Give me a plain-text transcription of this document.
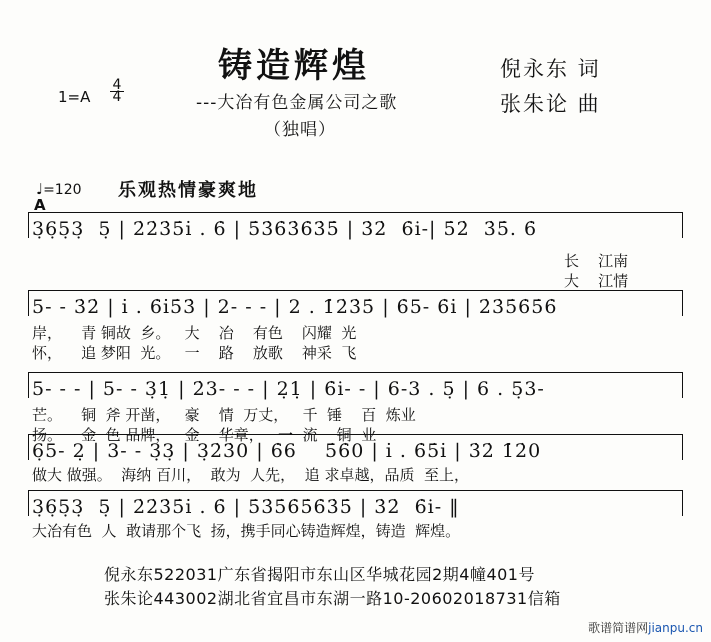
铸造辉煌
---大冶有色金属公司之歌
（独唱）
倪永东 词
张朱论 曲
$1=A \frac{4}{4}$
♩=120 乐观热情豪爽地
A
3̣6̣5̣3̣  5̣ | 2̇2̇3̇5̇i̇ . 6̇ | 5̇3̇6̇3̇6̇3̇5̇ | 3̇2̇  6̇i-| 5̇2̇  3̇5̇. 6̇
长    江南
大    江情
5- - 3̇2̇ | i̇ . 6̇i̇5̇3̇ | 2- - - | 2 . 1̇2̇3̇5̇ | 6̇5- 6̇i̇ | 2̇3̇5̇6̇5̇6̇
岸，    青 铜故  乡。   大    冶    有色    闪耀  光
怀，    追 梦阳  光。   一    路    放歌    神采  飞
5- - - | 5- - 3̣1̣ | 2̇3- - - | 2̣1̣ | 6̇i- - | 6-3 . 5̣ | 6 . 5̣3-
芒。    铜  斧 开凿，   豪    情  万丈，   千  锤    百  炼业
扬。    金  色 品牌，   金    华章，   一  流    铜  业
6̣5- 2̣ | 3- - 3̣3̣ | 3̣2̇3̇0 | 6̇6    5̇6̇0 | i̇ . 6̇5̇i̇ | 3̇2̇ 1̇2̇0
做大 做强。  海纳 百川，  敢为  人先，  追 求卓越，品质  至上，
3̣6̣5̣3̣  5̣ | 2̇2̇3̇5̇i̇ . 6̇ | 5̇3̇5̇6̇5̇6̇3̇5̇ | 3̇2̇  6̇i- ‖
大冶有色  人  敢请那个飞  扬，携手同心铸造辉煌，铸造  辉煌。
倪永东522031广东省揭阳市东山区华城花园2期4幢401号
张朱论443002湖北省宜昌市东湖一路10-20602018731信箱
歌谱简谱网jianpu.cn
